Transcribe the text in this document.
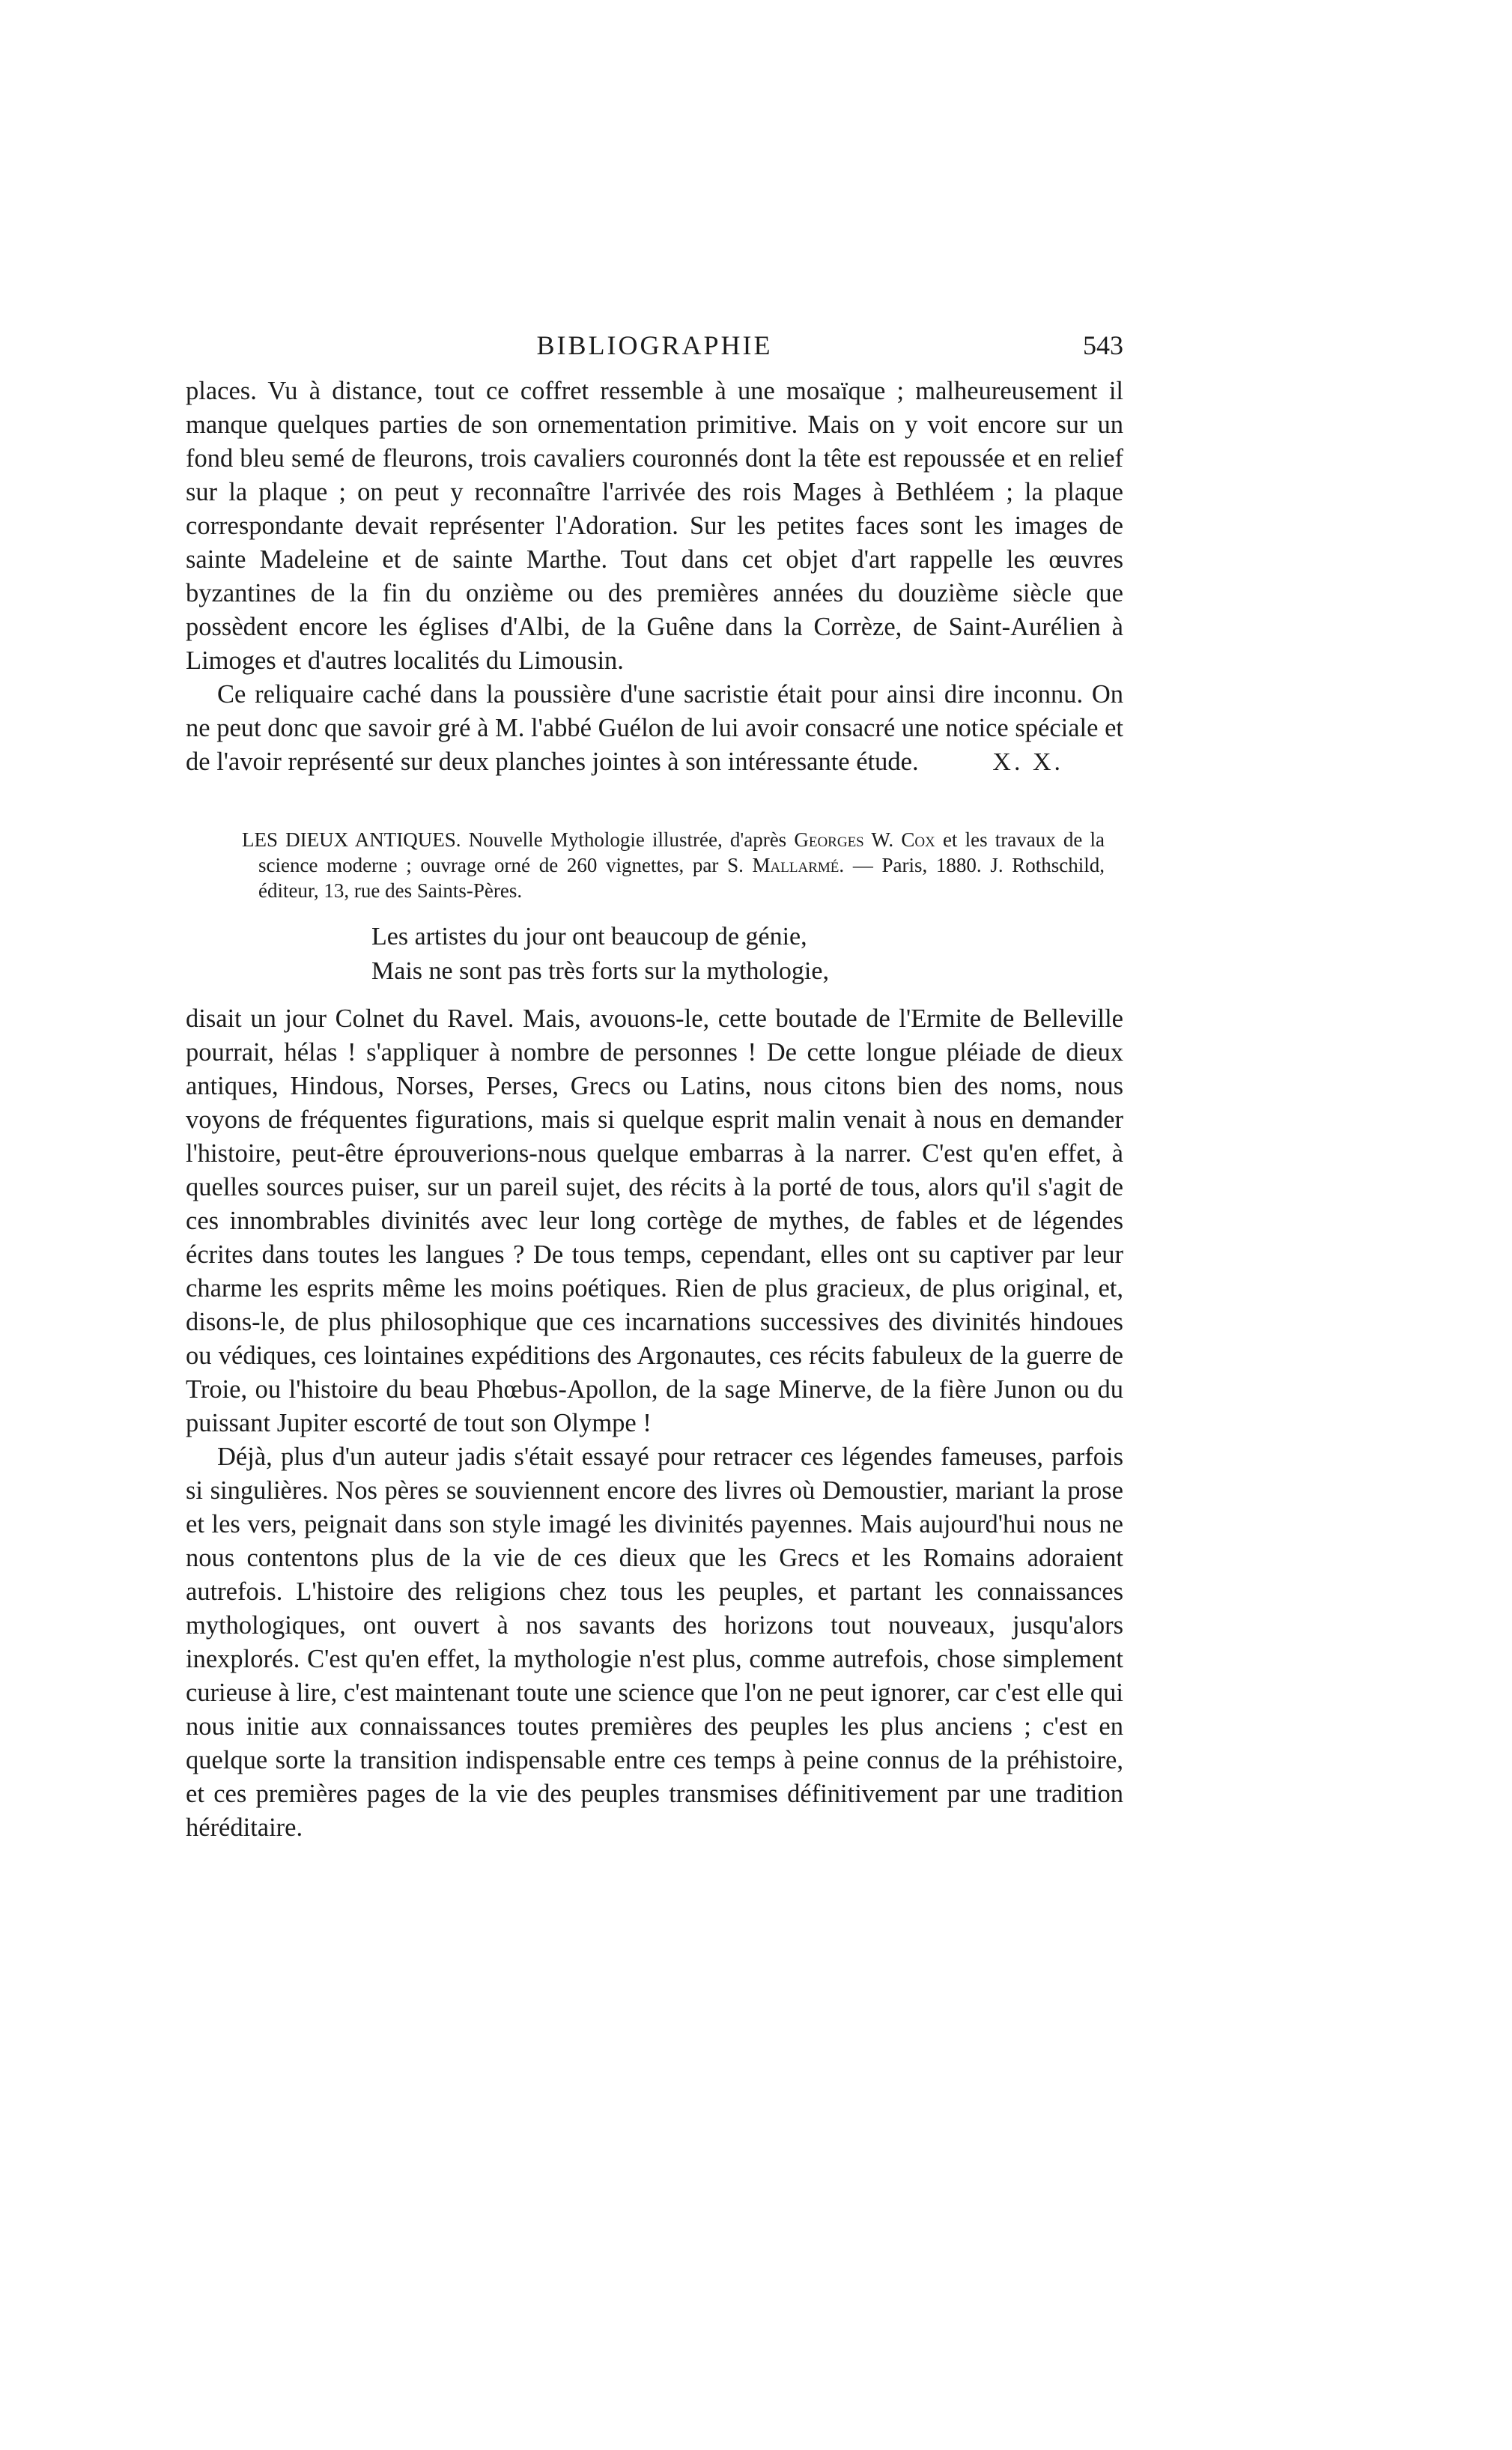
BIBLIOGRAPHIE	543

places. Vu à distance, tout ce coffret ressemble à une mosaïque ; malheureusement il manque quelques parties de son ornementation primitive. Mais on y voit encore sur un fond bleu semé de fleurons, trois cavaliers couronnés dont la tête est repoussée et en relief sur la plaque ; on peut y reconnaître l'arrivée des rois Mages à Bethléem ; la plaque correspondante devait représenter l'Adoration. Sur les petites faces sont les images de sainte Madeleine et de sainte Marthe. Tout dans cet objet d'art rappelle les œuvres byzantines de la fin du onzième ou des premières années du douzième siècle que possèdent encore les églises d'Albi, de la Guêne dans la Corrèze, de Saint-Aurélien à Limoges et d'autres localités du Limousin.

Ce reliquaire caché dans la poussière d'une sacristie était pour ainsi dire inconnu. On ne peut donc que savoir gré à M. l'abbé Guélon de lui avoir consacré une notice spéciale et de l'avoir représenté sur deux planches jointes à son intéressante étude.	X. X.
LES DIEUX ANTIQUES. Nouvelle Mythologie illustrée, d'après Georges W. Cox et les travaux de la science moderne ; ouvrage orné de 260 vignettes, par S. Mallarmé. — Paris, 1880. J. Rothschild, éditeur, 13, rue des Saints-Pères.
Les artistes du jour ont beaucoup de génie,
Mais ne sont pas très forts sur la mythologie,

disait un jour Colnet du Ravel. Mais, avouons-le, cette boutade de l'Ermite de Belleville pourrait, hélas ! s'appliquer à nombre de personnes ! De cette longue pléiade de dieux antiques, Hindous, Norses, Perses, Grecs ou Latins, nous citons bien des noms, nous voyons de fréquentes figurations, mais si quelque esprit malin venait à nous en demander l'histoire, peut-être éprouverions-nous quelque embarras à la narrer. C'est qu'en effet, à quelles sources puiser, sur un pareil sujet, des récits à la porté de tous, alors qu'il s'agit de ces innombrables divinités avec leur long cortège de mythes, de fables et de légendes écrites dans toutes les langues ? De tous temps, cependant, elles ont su captiver par leur charme les esprits même les moins poétiques. Rien de plus gracieux, de plus original, et, disons-le, de plus philosophique que ces incarnations successives des divinités hindoues ou védiques, ces lointaines expéditions des Argonautes, ces récits fabuleux de la guerre de Troie, ou l'histoire du beau Phœbus-Apollon, de la sage Minerve, de la fière Junon ou du puissant Jupiter escorté de tout son Olympe !

Déjà, plus d'un auteur jadis s'était essayé pour retracer ces légendes fameuses, parfois si singulières. Nos pères se souviennent encore des livres où Demoustier, mariant la prose et les vers, peignait dans son style imagé les divinités payennes. Mais aujourd'hui nous ne nous contentons plus de la vie de ces dieux que les Grecs et les Romains adoraient autrefois. L'histoire des religions chez tous les peuples, et partant les connaissances mythologiques, ont ouvert à nos savants des horizons tout nouveaux, jusqu'alors inexplorés. C'est qu'en effet, la mythologie n'est plus, comme autrefois, chose simplement curieuse à lire, c'est maintenant toute une science que l'on ne peut ignorer, car c'est elle qui nous initie aux connaissances toutes premières des peuples les plus anciens ; c'est en quelque sorte la transition indispensable entre ces temps à peine connus de la préhistoire, et ces premières pages de la vie des peuples transmises définitivement par une tradition héréditaire.
